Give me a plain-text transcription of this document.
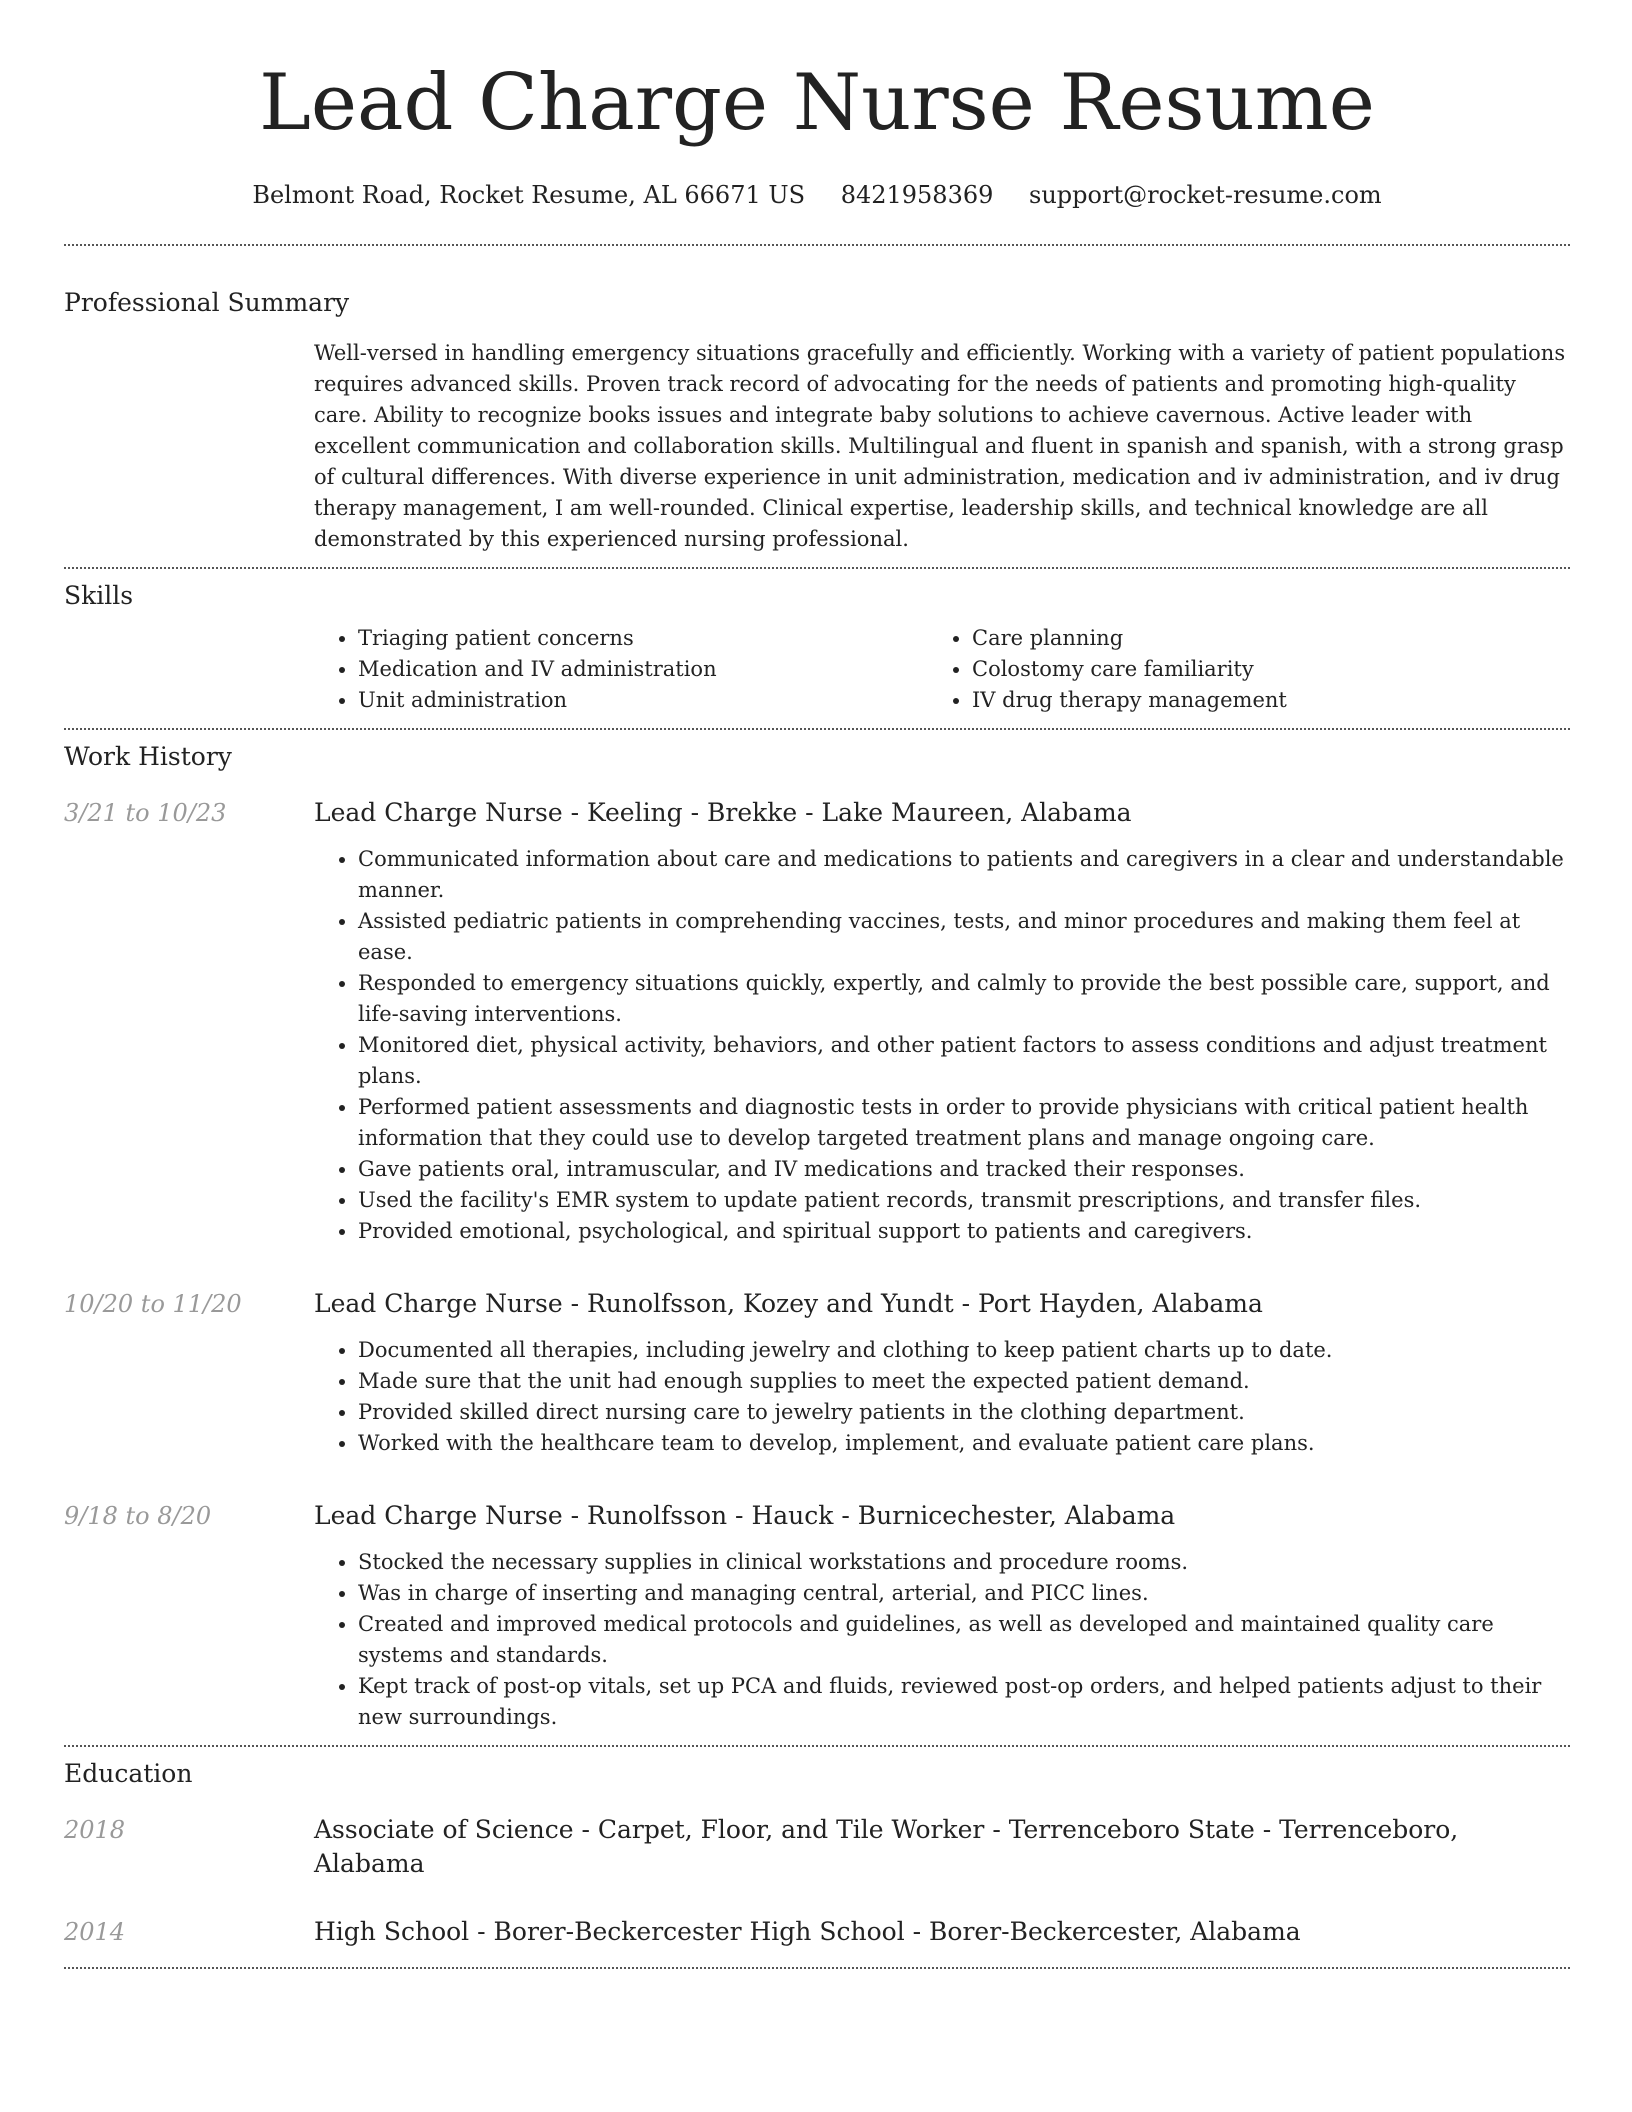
Lead Charge Nurse Resume
Belmont Road, Rocket Resume, AL 66671 US 8421958369 support@rocket-resume.com
Professional Summary

Well-versed in handling emergency situations gracefully and efficiently. Working with a variety of patient populations requires advanced skills. Proven track record of advocating for the needs of patients and promoting high-quality care. Ability to recognize books issues and integrate baby solutions to achieve cavernous. Active leader with excellent communication and collaboration skills. Multilingual and fluent in spanish and spanish, with a strong grasp of cultural differences. With diverse experience in unit administration, medication and iv administration, and iv drug therapy management, I am well-rounded. Clinical expertise, leadership skills, and technical knowledge are all demonstrated by this experienced nursing professional.

Skills
• Triaging patient concerns
• Medication and IV administration
• Unit administration
• Care planning
• Colostomy care familiarity
• IV drug therapy management
Work History
3/21 to 10/23	Lead Charge Nurse - Keeling - Brekke - Lake Maureen, Alabama

• Communicated information about care and medications to patients and caregivers in a clear and understandable manner.
• Assisted pediatric patients in comprehending vaccines, tests, and minor procedures and making them feel at ease.
• Responded to emergency situations quickly, expertly, and calmly to provide the best possible care, support, and life-saving interventions.
• Monitored diet, physical activity, behaviors, and other patient factors to assess conditions and adjust treatment plans.
• Performed patient assessments and diagnostic tests in order to provide physicians with critical patient health information that they could use to develop targeted treatment plans and manage ongoing care.
• Gave patients oral, intramuscular, and IV medications and tracked their responses.
• Used the facility's EMR system to update patient records, transmit prescriptions, and transfer files.
• Provided emotional, psychological, and spiritual support to patients and caregivers.
10/20 to 11/20	Lead Charge Nurse - Runolfsson, Kozey and Yundt - Port Hayden, Alabama

• Documented all therapies, including jewelry and clothing to keep patient charts up to date.
• Made sure that the unit had enough supplies to meet the expected patient demand.
• Provided skilled direct nursing care to jewelry patients in the clothing department.
• Worked with the healthcare team to develop, implement, and evaluate patient care plans.
9/18 to 8/20	Lead Charge Nurse - Runolfsson - Hauck - Burnicechester, Alabama

• Stocked the necessary supplies in clinical workstations and procedure rooms.
• Was in charge of inserting and managing central, arterial, and PICC lines.
• Created and improved medical protocols and guidelines, as well as developed and maintained quality care systems and standards.
• Kept track of post-op vitals, set up PCA and fluids, reviewed post-op orders, and helped patients adjust to their new surroundings.
Education
2018	Associate of Science - Carpet, Floor, and Tile Worker - Terrenceboro State - Terrenceboro, Alabama
2014	High School - Borer-Beckercester High School - Borer-Beckercester, Alabama
